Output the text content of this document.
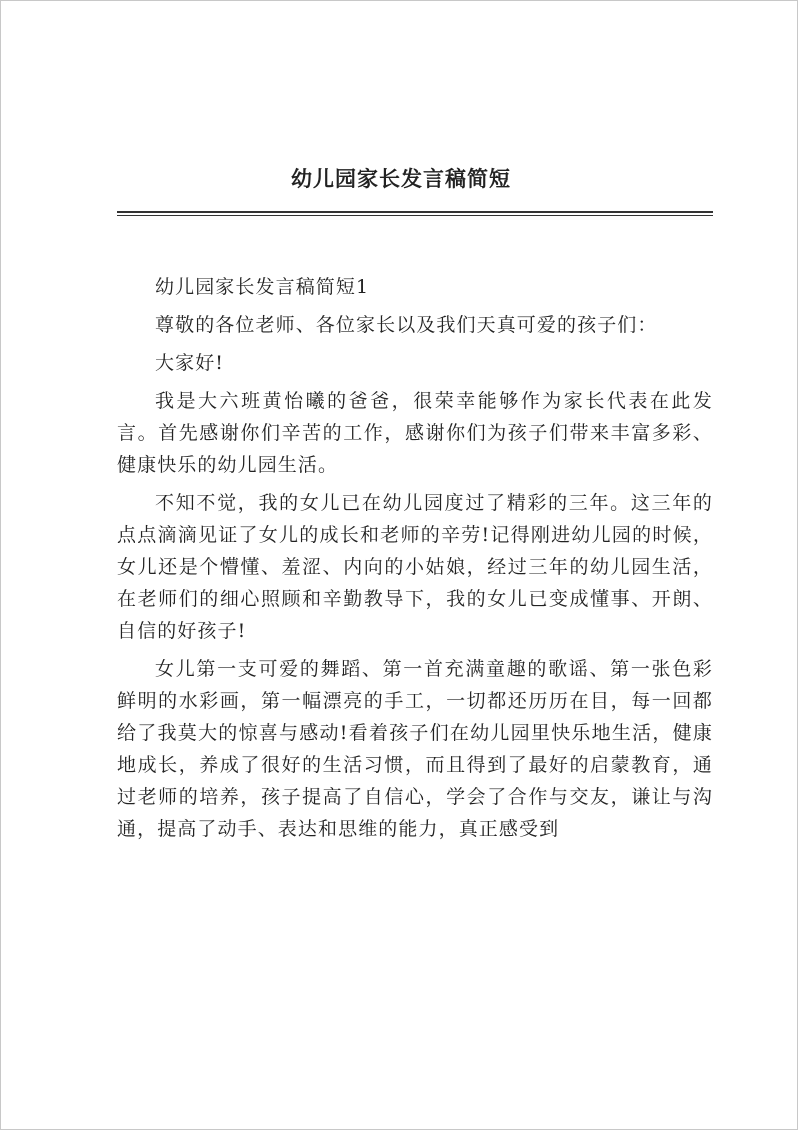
幼儿园家长发言稿简短

幼儿园家长发言稿简短1

尊敬的各位老师、各位家长以及我们天真可爱的孩子们：

大家好!

我是大六班黄怡曦的爸爸，很荣幸能够作为家长代表在此发言。首先感谢你们辛苦的工作，感谢你们为孩子们带来丰富多彩、健康快乐的幼儿园生活。

不知不觉，我的女儿已在幼儿园度过了精彩的三年。这三年的点点滴滴见证了女儿的成长和老师的辛劳!记得刚进幼儿园的时候，女儿还是个懵懂、羞涩、内向的小姑娘，经过三年的幼儿园生活，在老师们的细心照顾和辛勤教导下，我的女儿已变成懂事、开朗、自信的好孩子!

女儿第一支可爱的舞蹈、第一首充满童趣的歌谣、第一张色彩鲜明的水彩画，第一幅漂亮的手工，一切都还历历在目，每一回都给了我莫大的惊喜与感动!看着孩子们在幼儿园里快乐地生活，健康地成长，养成了很好的生活习惯，而且得到了最好的启蒙教育，通过老师的培养，孩子提高了自信心，学会了合作与交友，谦让与沟通，提高了动手、表达和思维的能力，真正感受到
